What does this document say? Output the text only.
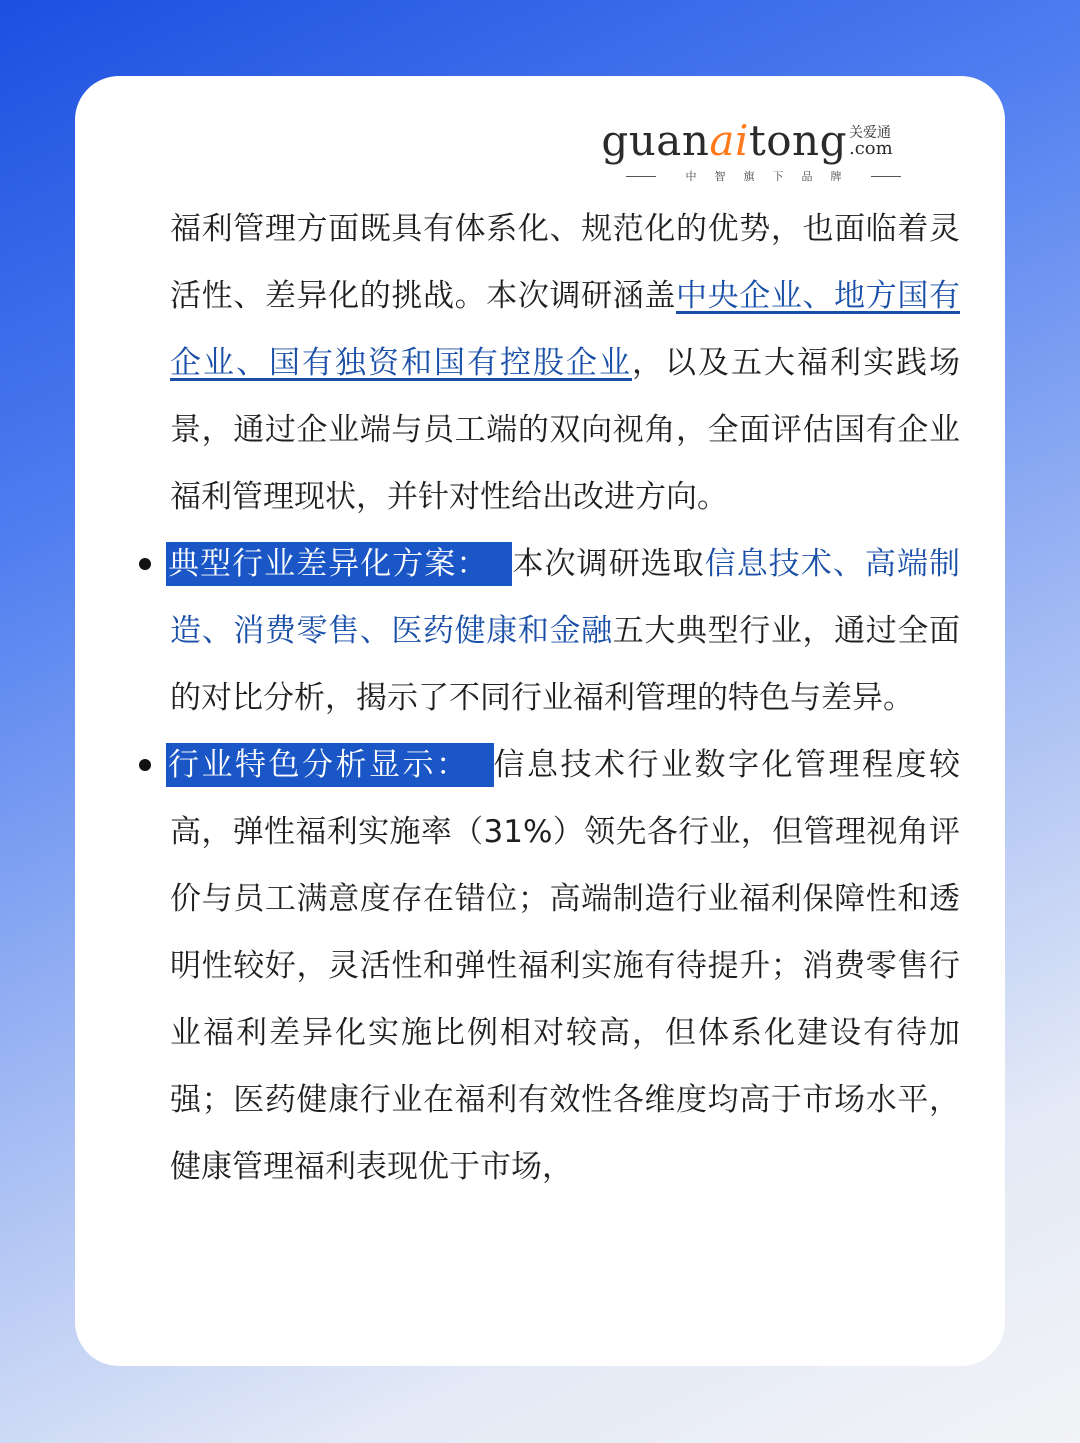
guanaitong 关爱通
.com
中智旗下品牌

福利管理方面既具有体系化、规范化的优势，也面临着灵活性、差异化的挑战。本次调研涵盖中央企业、地方国有企业、国有独资和国有控股企业，以及五大福利实践场景，通过企业端与员工端的双向视角，全面评估国有企业福利管理现状，并针对性给出改进方向。

典型行业差异化方案： 本次调研选取信息技术、高端制造、消费零售、医药健康和金融五大典型行业，通过全面的对比分析，揭示了不同行业福利管理的特色与差异。

行业特色分析显示： 信息技术行业数字化管理程度较高，弹性福利实施率（31%）领先各行业，但管理视角评价与员工满意度存在错位；高端制造行业福利保障性和透明性较好，灵活性和弹性福利实施有待提升；消费零售行业福利差异化实施比例相对较高，但体系化建设有待加强；医药健康行业在福利有效性各维度均高于市场水平，健康管理福利表现优于市场，
